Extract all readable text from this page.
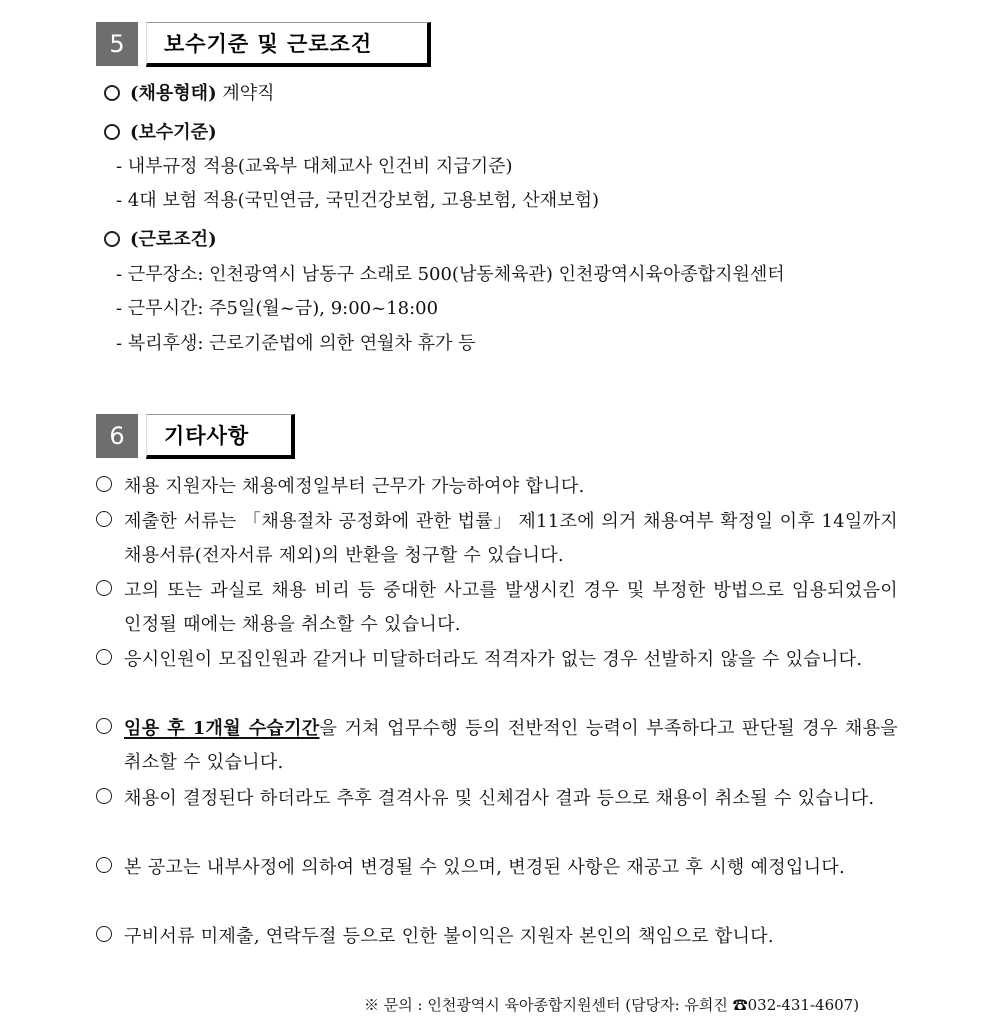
5	보수기준 및 근로조건
(채용형태) 계약직
(보수기준)
- 내부규정 적용(교육부 대체교사 인건비 지급기준)
- 4대 보험 적용(국민연금, 국민건강보험, 고용보험, 산재보험)
(근로조건)
- 근무장소: 인천광역시 남동구 소래로 500(남동체육관) 인천광역시육아종합지원센터
- 근무시간: 주5일(월~금), 9:00~18:00
- 복리후생: 근로기준법에 의한 연월차 휴가 등
6	기타사항
채용 지원자는 채용예정일부터 근무가 가능하여야 합니다.
제출한 서류는 「채용절차 공정화에 관한 법률」 제11조에 의거 채용여부 확정일 이후 14일까지 채용서류(전자서류 제외)의 반환을 청구할 수 있습니다.
고의 또는 과실로 채용 비리 등 중대한 사고를 발생시킨 경우 및 부정한 방법으로 임용되었음이 인정될 때에는 채용을 취소할 수 있습니다.
응시인원이 모집인원과 같거나 미달하더라도 적격자가 없는 경우 선발하지 않을 수 있습니다.
임용 후 1개월 수습기간을 거쳐 업무수행 등의 전반적인 능력이 부족하다고 판단될 경우 채용을 취소할 수 있습니다.
채용이 결정된다 하더라도 추후 결격사유 및 신체검사 결과 등으로 채용이 취소될 수 있습니다.
본 공고는 내부사정에 의하여 변경될 수 있으며, 변경된 사항은 재공고 후 시행 예정입니다.
구비서류 미제출, 연락두절 등으로 인한 불이익은 지원자 본인의 책임으로 합니다.
※ 문의 : 인천광역시 육아종합지원센터 (담당자: 유희진 ☎032-431-4607)
